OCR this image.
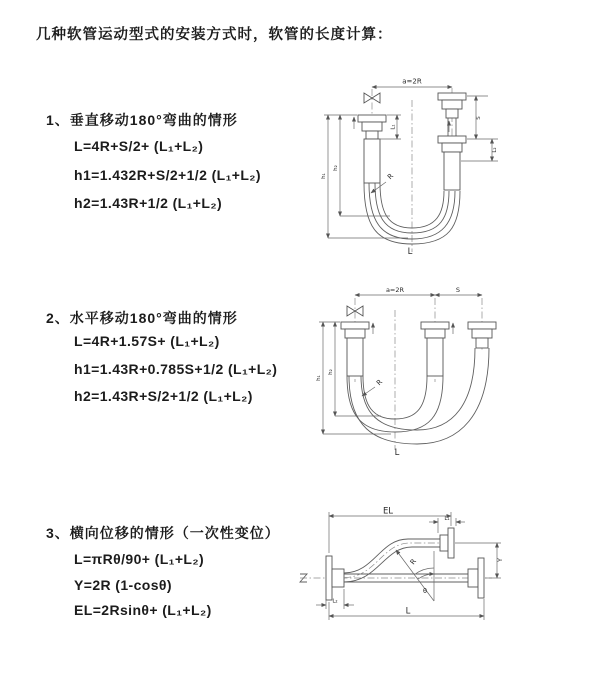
几种软管运动型式的安装方式时，软管的长度计算：
1、垂直移动180°弯曲的情形
L=4R+S/2+ (L₁+L₂)
h1=1.432R+S/2+1/2 (L₁+L₂)
h2=1.43R+1/2 (L₁+L₂)
2、水平移动180°弯曲的情形
L=4R+1.57S+ (L₁+L₂)
h1=1.43R+0.785S+1/2 (L₁+L₂)
h2=1.43R+S/2+1/2 (L₁+L₂)
3、横向位移的情形（一次性变位）
L=πRθ/90+ (L₁+L₂)
Y=2R (1-cosθ)
EL=2Rsinθ+ (L₁+L₂)
a=2R
L₁
S
L₂
h₁
h₂
R
L
a=2R	S
h₁
h₂
R
L
EL
L₁
Y
R
θ
L₂
L
